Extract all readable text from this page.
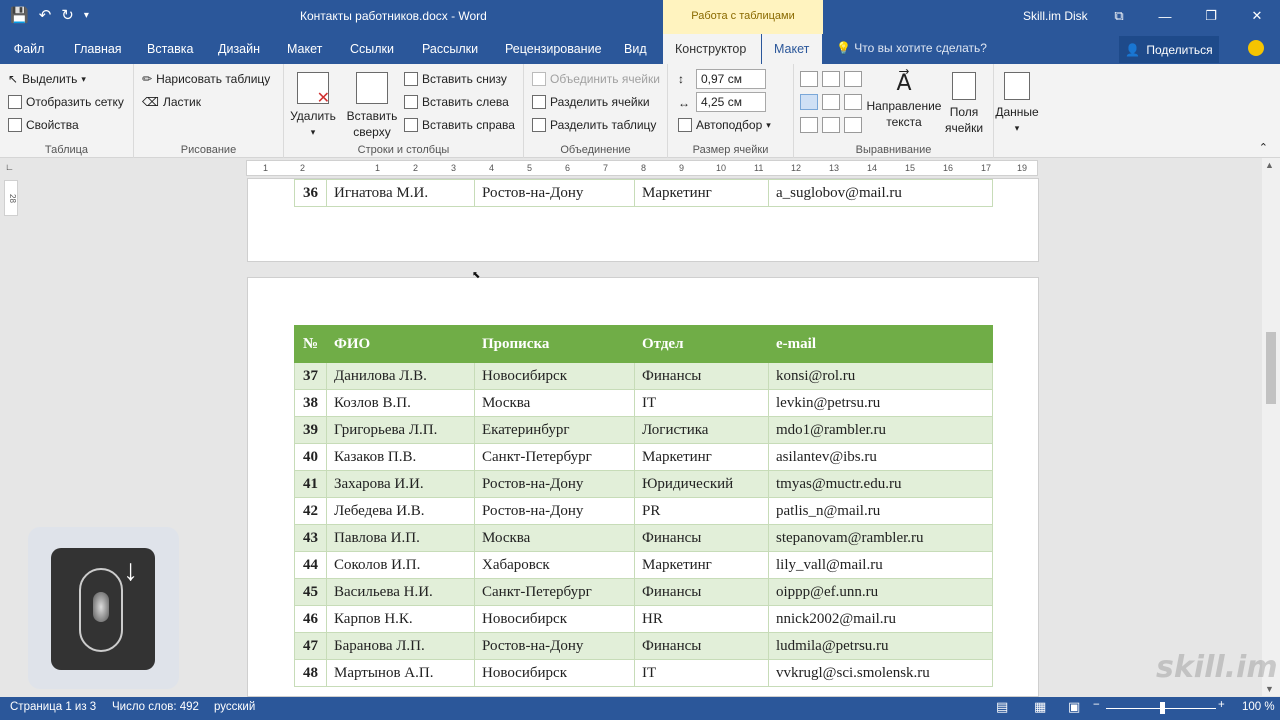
💾 ↶ ↻ ▾	Контакты работников.docx - Word	Работа с таблицами	Skill.im Disk	⧉	—	❐	✕
Файл	Главная	Вставка	Дизайн	Макет	Ссылки	Рассылки	Рецензирование	Вид	Конструктор	Макет	💡 Что вы хотите сделать?	👤 Поделиться
↖ Выделить ▾
Отобразить сетку
Свойства
Таблица
✏ Нарисовать таблицу
⌫ Ластик
Рисование
✕
Удалить
▾
Вставить
сверху
Вставить снизу
Вставить слева
Вставить справа
Строки и столбцы
Объединить ячейки
Разделить ячейки
Разделить таблицу
Объединение
↕	0,97 см
↔ 4,25 см
Автоподбор ▾
Размер ячейки
A⃗
Направление
текста
Поля
ячейки
Выравнивание
Данные
▾
⌃
∟	1	2	1	2	3	4	5	6	7	8	9	10	11	12	13	14	15	16	17	19
28	36	Игнатова М.И.	Ростов-на-Дону	Маркетинг	a_suglobov@mail.ru
№	ФИО	Прописка	Отдел	e-mail
37	Данилова Л.В.	Новосибирск	Финансы	konsi@rol.ru
38	Козлов В.П.	Москва	IT	levkin@petrsu.ru
39	Григорьева Л.П.	Екатеринбург	Логистика	mdo1@rambler.ru
40	Казаков П.В.	Санкт-Петербург	Маркетинг	asilantev@ibs.ru
41	Захарова И.И.	Ростов-на-Дону	Юридический	tmyas@muctr.edu.ru
42	Лебедева И.В.	Ростов-на-Дону	PR	patlis_n@mail.ru
43	Павлова И.П.	Москва	Финансы	stepanovam@rambler.ru
44	Соколов И.П.	Хабаровск	Маркетинг	lily_vall@mail.ru
45	Васильева Н.И.	Санкт-Петербург	Финансы	oippp@ef.unn.ru
46	Карпов Н.К.	Новосибирск	HR	nnick2002@mail.ru
47	Баранова Л.П.	Ростов-на-Дону	Финансы	ludmila@petrsu.ru
48	Мартынов А.П.	Новосибирск	IT	vvkrugl@sci.smolensk.ru
⬉
▲
▼
↓
skill.im
Страница 1 из 3 Число слов: 492 русский	▤ ▦ ▣ −	+ 100 %
